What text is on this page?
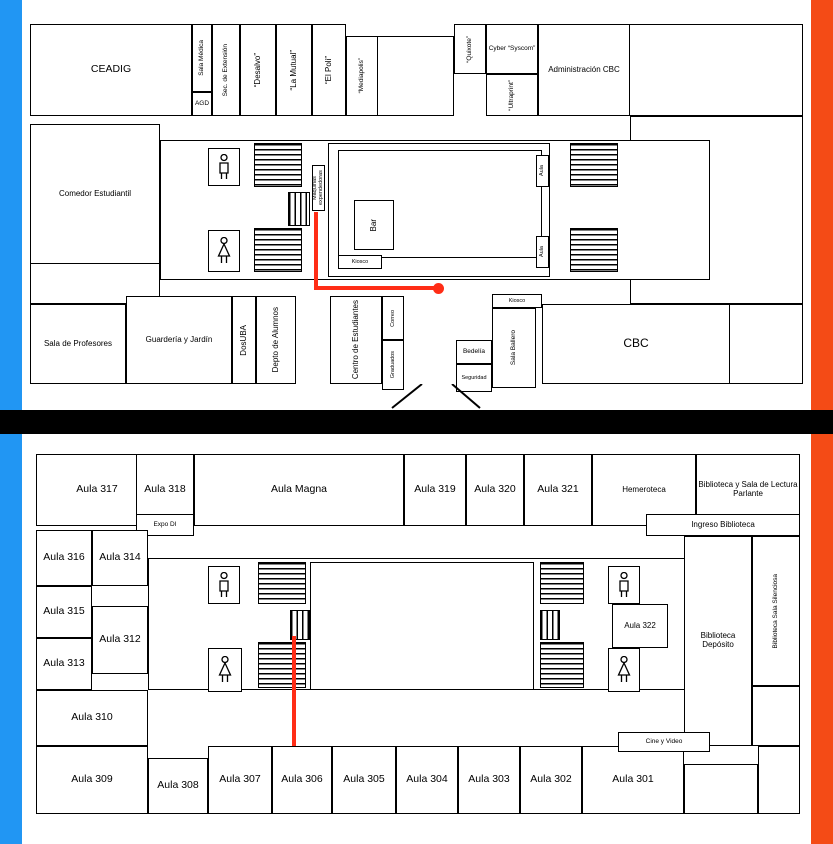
CEADIG	Sala Médica
AGD
Sec. de Extensión	“Desalvo”	“La Mutual”	“El Poli”	“Mediapolis”
“Quixote” Cyber “Syscom”
“Ultraprint”
Administración CBC
Comedor Estudiantil
Bar
Kiosco
Maquinas expendedoras	Aula
Aula
Sala de Profesores	Guardería y Jardín	DosUBA	Depto de Alumnos	Centro de Estudiantes	Correo
Graduados	Bedelía
Seguridad
Sala Ballero
Kiosco
CBC
Aula 317	Aula 318
Expo DI
Aula Magna	Aula 319 Aula 320 Aula 321	Hemeroteca	Biblioteca y Sala de Lectura Parlante
Ingreso Biblioteca
Aula 316 Aula 314
Aula 315
Aula 312
Aula 313
Aula 310
Aula 322	Biblioteca Sala Silenciosa
Biblioteca Depósito
Aula 309	Aula 308 Aula 307 Aula 306 Aula 305 Aula 304 Aula 303 Aula 302	Aula 301
Cine y Video
